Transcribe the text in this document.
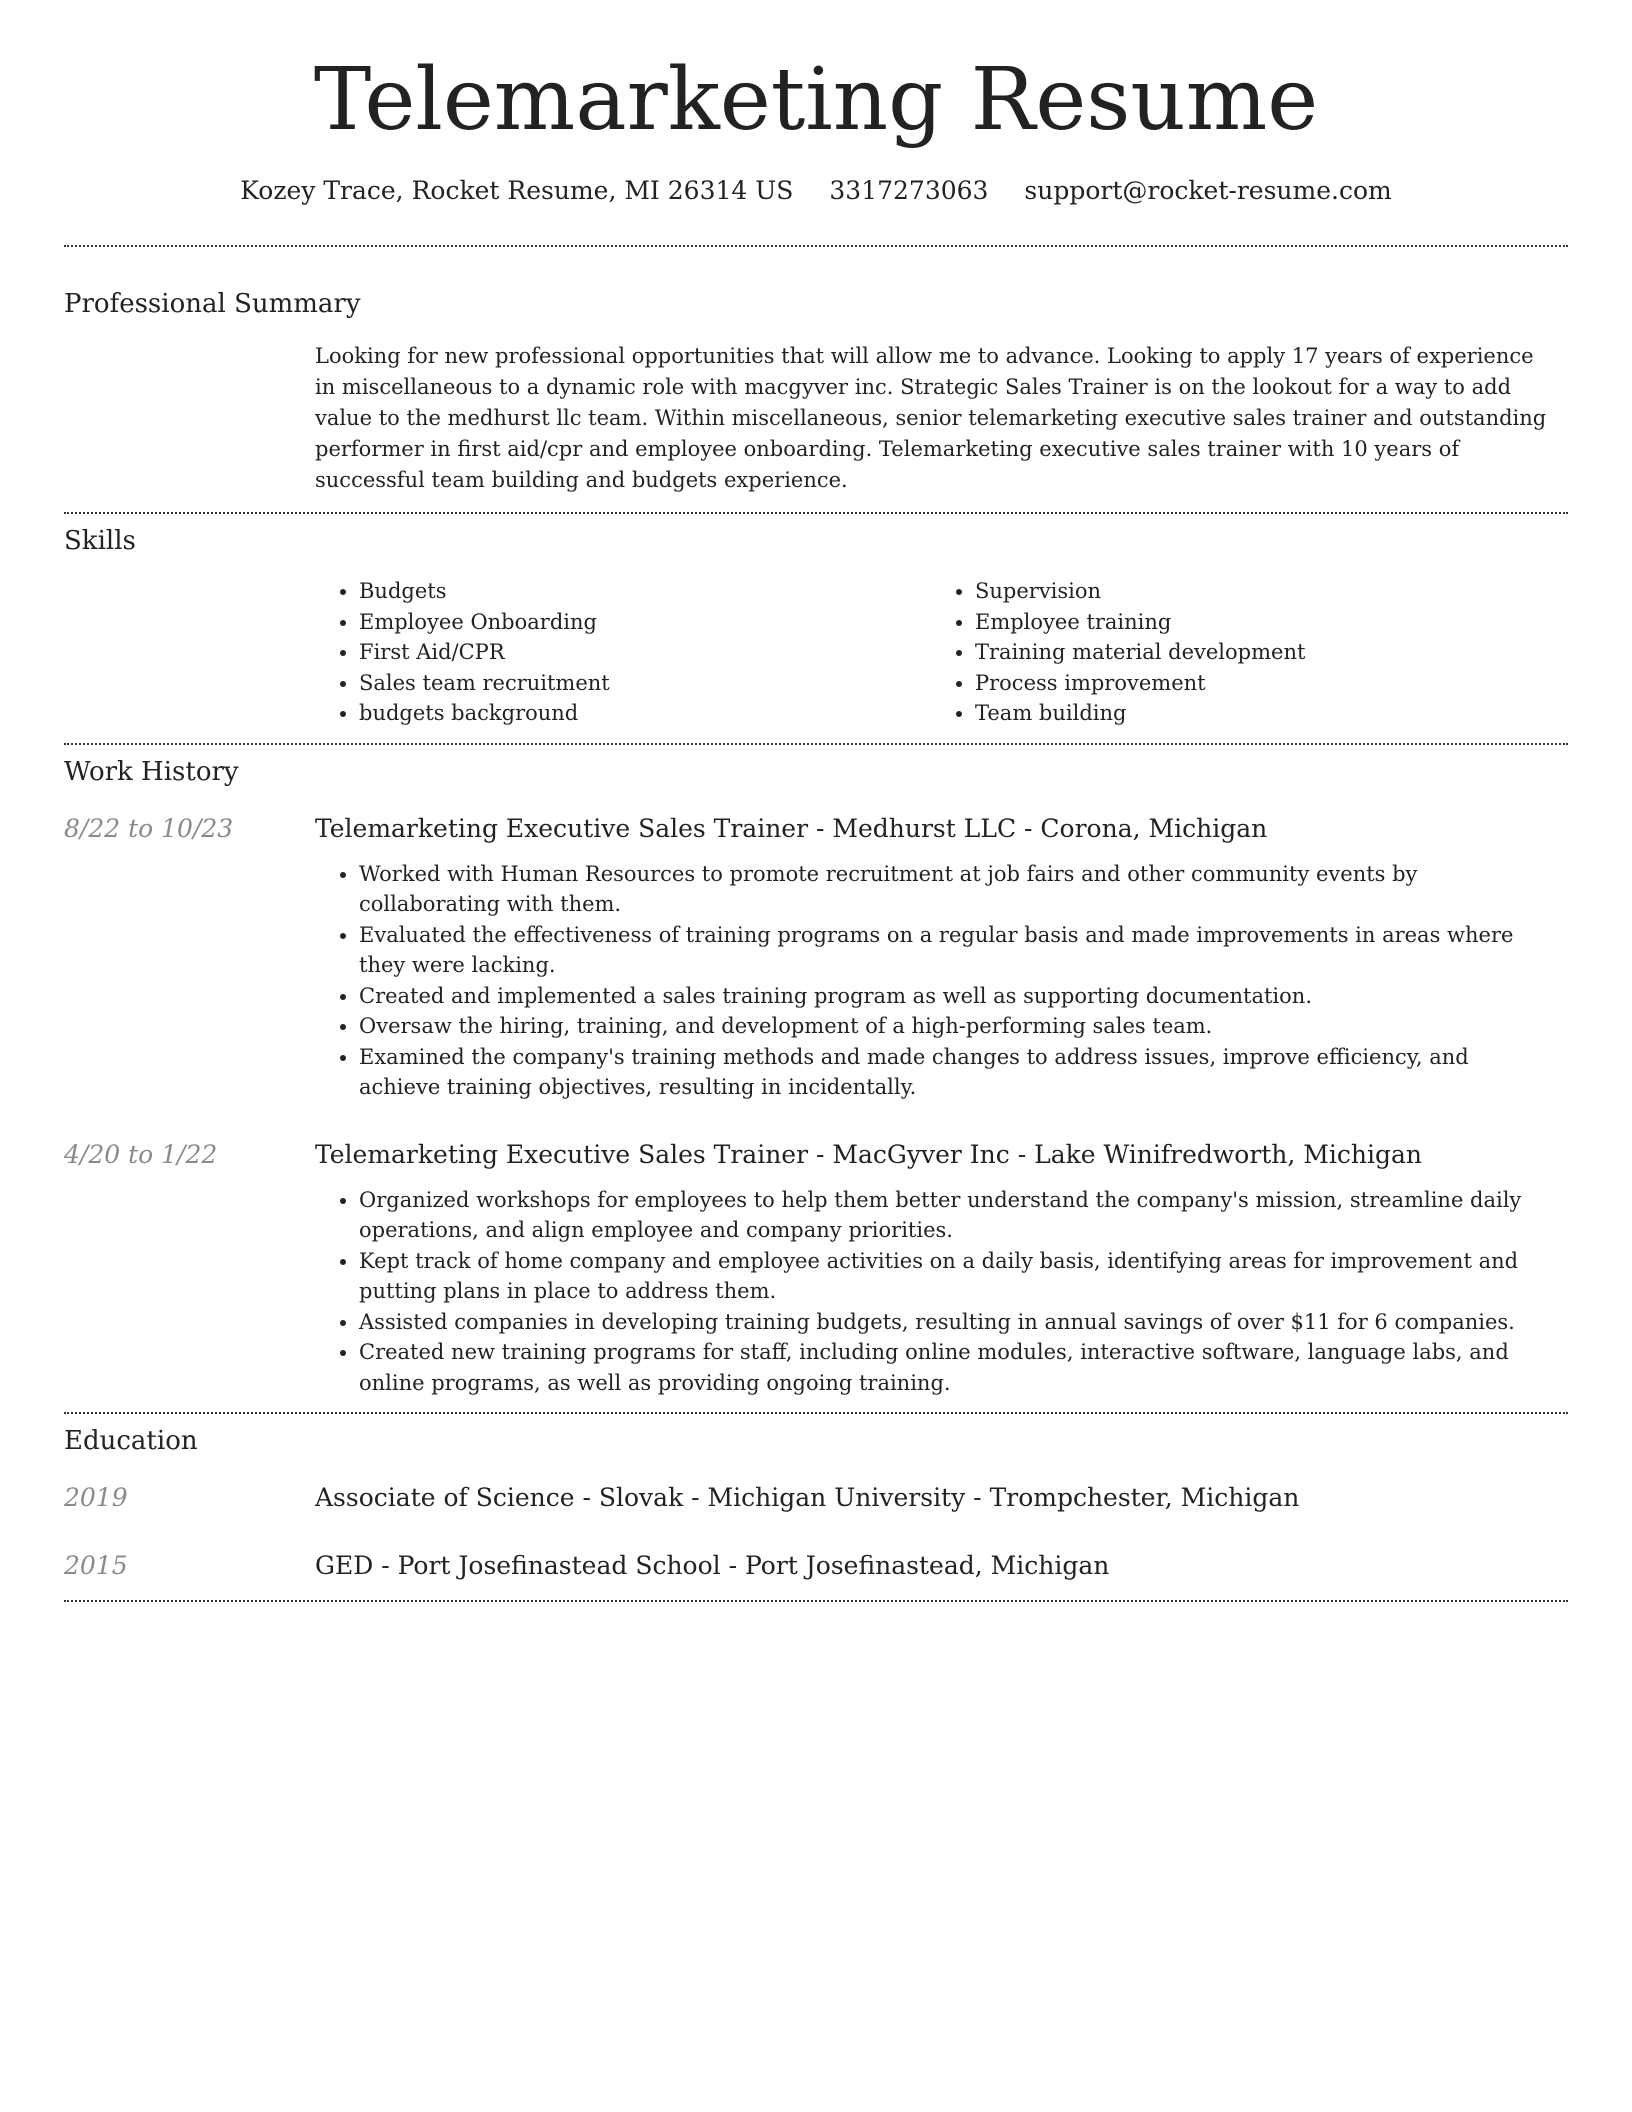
Telemarketing Resume
Kozey Trace, Rocket Resume, MI 26314 US 3317273063 support@rocket-resume.com
Professional Summary
Looking for new professional opportunities that will allow me to advance. Looking to apply 17 years of experience in miscellaneous to a dynamic role with macgyver inc. Strategic Sales Trainer is on the lookout for a way to add value to the medhurst llc team. Within miscellaneous, senior telemarketing executive sales trainer and outstanding performer in first aid/cpr and employee onboarding. Telemarketing executive sales trainer with 10 years of successful team building and budgets experience.
Skills
• Budgets
• Employee Onboarding
• First Aid/CPR
• Sales team recruitment
• budgets background
• Supervision
• Employee training
• Training material development
• Process improvement
• Team building
Work History
8/22 to 10/23	Telemarketing Executive Sales Trainer - Medhurst LLC - Corona, Michigan
• Worked with Human Resources to promote recruitment at job fairs and other community events by collaborating with them.
• Evaluated the effectiveness of training programs on a regular basis and made improvements in areas where they were lacking.
• Created and implemented a sales training program as well as supporting documentation.
• Oversaw the hiring, training, and development of a high-performing sales team.
• Examined the company's training methods and made changes to address issues, improve efficiency, and achieve training objectives, resulting in incidentally.
4/20 to 1/22	Telemarketing Executive Sales Trainer - MacGyver Inc - Lake Winifredworth, Michigan
• Organized workshops for employees to help them better understand the company's mission, streamline daily operations, and align employee and company priorities.
• Kept track of home company and employee activities on a daily basis, identifying areas for improvement and putting plans in place to address them.
• Assisted companies in developing training budgets, resulting in annual savings of over $11 for 6 companies.
• Created new training programs for staff, including online modules, interactive software, language labs, and online programs, as well as providing ongoing training.
Education
2019	Associate of Science - Slovak - Michigan University - Trompchester, Michigan
2015	GED - Port Josefinastead School - Port Josefinastead, Michigan
